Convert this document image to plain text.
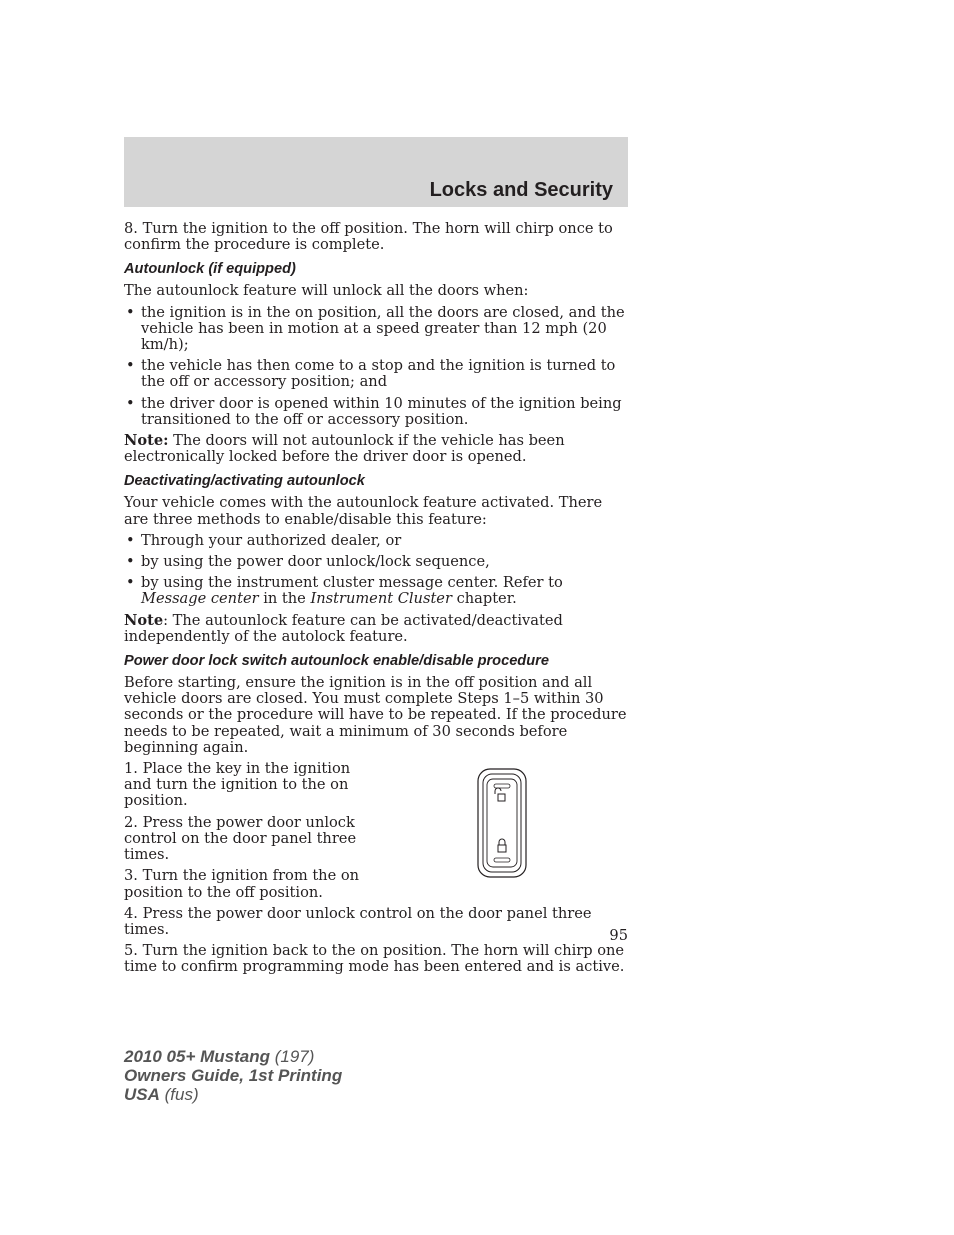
Locks and Security

8. Turn the ignition to the off position. The horn will chirp once to confirm the procedure is complete.

Autounlock (if equipped)

The autounlock feature will unlock all the doors when:

• the ignition is in the on position, all the doors are closed, and the vehicle has been in motion at a speed greater than 12 mph (20 km/h);
• the vehicle has then come to a stop and the ignition is turned to the off or accessory position; and
• the driver door is opened within 10 minutes of the ignition being transitioned to the off or accessory position.

Note: The doors will not autounlock if the vehicle has been electronically locked before the driver door is opened.

Deactivating/activating autounlock

Your vehicle comes with the autounlock feature activated. There are three methods to enable/disable this feature:

• Through your authorized dealer, or
• by using the power door unlock/lock sequence,
• by using the instrument cluster message center. Refer to Message center in the Instrument Cluster chapter.

Note: The autounlock feature can be activated/deactivated independently of the autolock feature.

Power door lock switch autounlock enable/disable procedure

Before starting, ensure the ignition is in the off position and all vehicle doors are closed. You must complete Steps 1–5 within 30 seconds or the procedure will have to be repeated. If the procedure needs to be repeated, wait a minimum of 30 seconds before beginning again.

1. Place the key in the ignition and turn the ignition to the on position.

2. Press the power door unlock control on the door panel three times.

3. Turn the ignition from the on position to the off position.

4. Press the power door unlock control on the door panel three times.

5. Turn the ignition back to the on position. The horn will chirp one time to confirm programming mode has been entered and is active.

95
2010 05+ Mustang (197)
Owners Guide, 1st Printing
USA (fus)
